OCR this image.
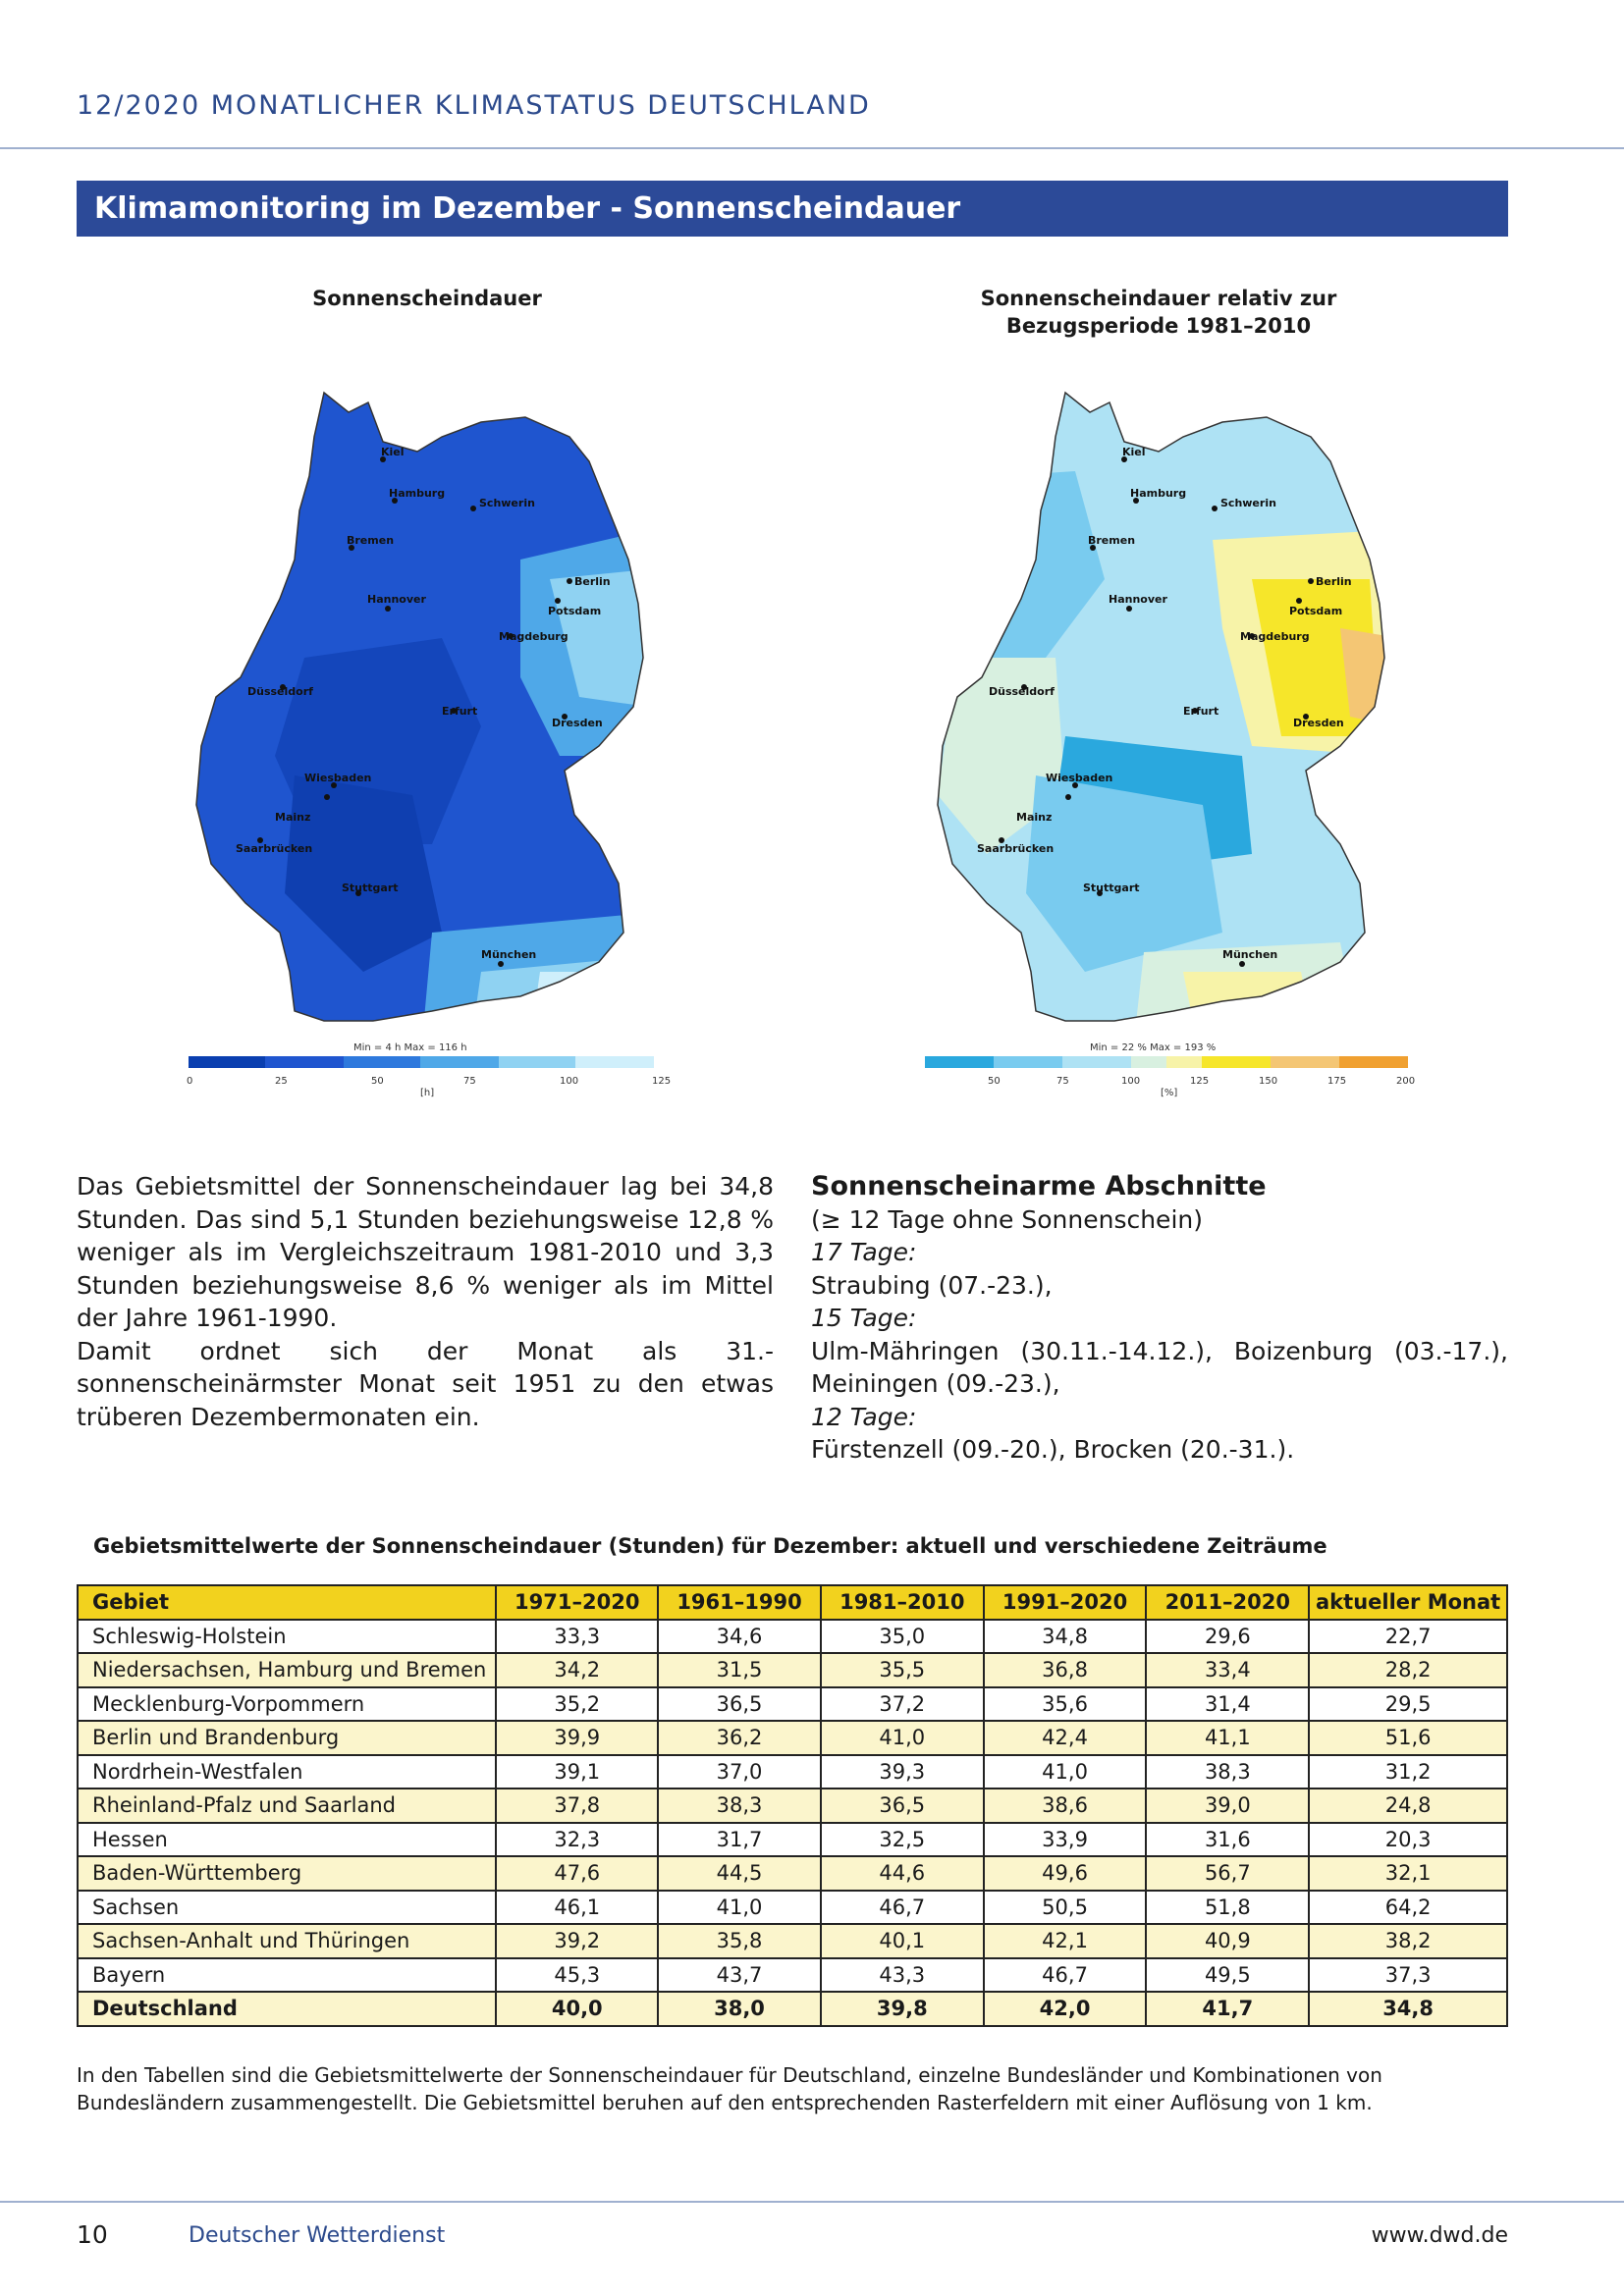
12/2020 MONATLICHER KLIMASTATUS DEUTSCHLAND
Klimamonitoring im Dezember - Sonnenscheindauer
Sonnenscheindauer
Kiel
Hamburg
Schwerin
Bremen
Berlin
Hannover
Potsdam
Magdeburg
Düsseldorf
Erfurt
Dresden
Wiesbaden
Mainz
Saarbrücken
Stuttgart
München
Min = 4 h Max = 116 h
0	25	50	75	100	125
[h]
Sonnenscheindauer relativ zur
Bezugsperiode 1981–2010
Kiel
Hamburg
Schwerin
Bremen
Berlin
Hannover
Potsdam
Magdeburg
Düsseldorf
Erfurt
Dresden
Wiesbaden
Mainz
Saarbrücken
Stuttgart
München
Min = 22 % Max = 193 %
50	75	100	125	150	175	200
[%]

Das Gebietsmittel der Sonnenscheindauer lag bei 34,8 Stunden. Das sind 5,1 Stunden beziehungsweise 12,8 % weniger als im Vergleichszeitraum 1981-2010 und 3,3 Stunden beziehungsweise 8,6 % weniger als im Mittel der Jahre 1961-1990.

Damit ordnet sich der Monat als 31.-sonnenscheinärmster Monat seit 1951 zu den etwas trüberen Dezembermonaten ein.

Sonnenscheinarme Abschnitte
(≥ 12 Tage ohne Sonnenschein)
17 Tage:
Straubing (07.-23.),
15 Tage:
Ulm-Mähringen (30.11.-14.12.), Boizenburg (03.-17.), Meiningen (09.-23.),
12 Tage:
Fürstenzell (09.-20.), Brocken (20.-31.).
Gebietsmittelwerte der Sonnenscheindauer (Stunden) für Dezember: aktuell und verschiedene Zeiträume
Gebiet	1971–2020	1961–1990	1981–2010	1991–2020	2011–2020	aktueller Monat
Schleswig-Holstein	33,3	34,6	35,0	34,8	29,6	22,7
Niedersachsen, Hamburg und Bremen	34,2	31,5	35,5	36,8	33,4	28,2
Mecklenburg-Vorpommern	35,2	36,5	37,2	35,6	31,4	29,5
Berlin und Brandenburg	39,9	36,2	41,0	42,4	41,1	51,6
Nordrhein-Westfalen	39,1	37,0	39,3	41,0	38,3	31,2
Rheinland-Pfalz und Saarland	37,8	38,3	36,5	38,6	39,0	24,8
Hessen	32,3	31,7	32,5	33,9	31,6	20,3
Baden-Württemberg	47,6	44,5	44,6	49,6	56,7	32,1
Sachsen	46,1	41,0	46,7	50,5	51,8	64,2
Sachsen-Anhalt und Thüringen	39,2	35,8	40,1	42,1	40,9	38,2
Bayern	45,3	43,7	43,3	46,7	49,5	37,3
Deutschland	40,0	38,0	39,8	42,0	41,7	34,8
In den Tabellen sind die Gebietsmittelwerte der Sonnenscheindauer für Deutschland, einzelne Bundesländer und Kombinationen von Bundesländern zusammengestellt. Die Gebietsmittel beruhen auf den entsprechenden Rasterfeldern mit einer Auflösung von 1 km.
10	Deutscher Wetterdienst	www.dwd.de
